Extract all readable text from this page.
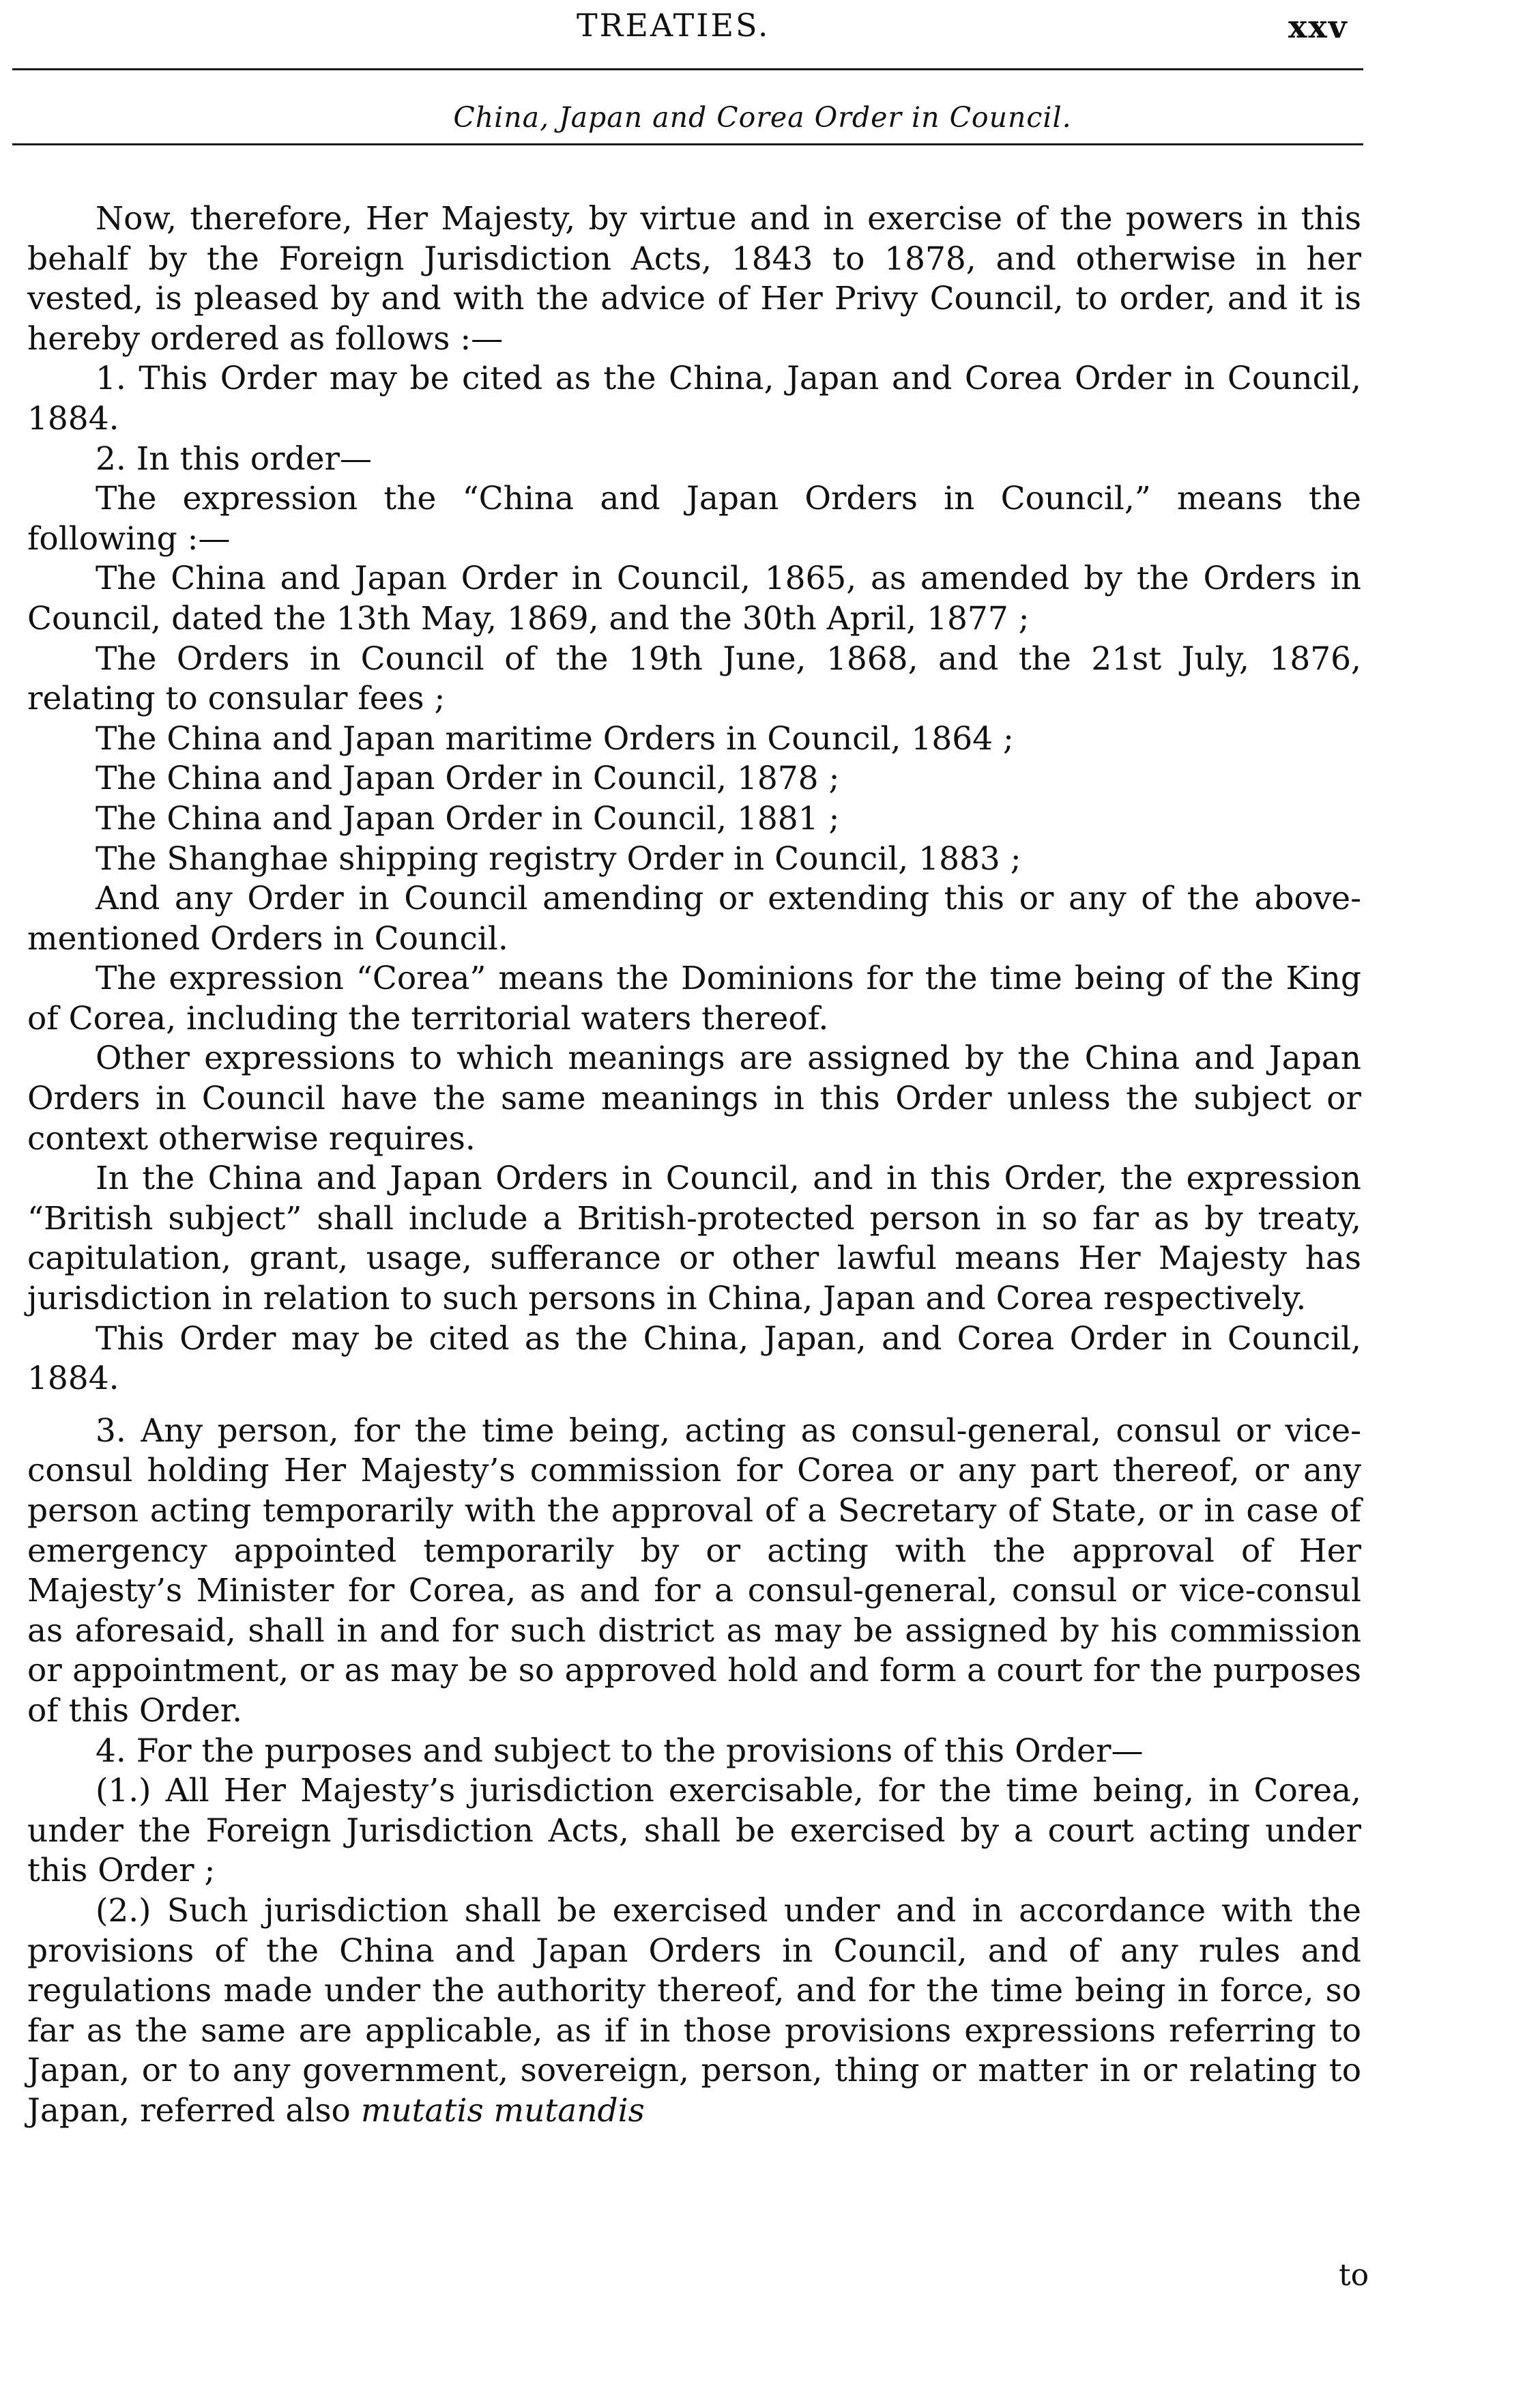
TREATIES.	xxv
China, Japan and Corea Order in Council.

Now, therefore, Her Majesty, by virtue and in exercise of the powers in this behalf by the Foreign Jurisdiction Acts, 1843 to 1878, and otherwise in her vested, is pleased by and with the advice of Her Privy Council, to order, and it is hereby ordered as follows :—

1. This Order may be cited as the China, Japan and Corea Order in Council, 1884.

2. In this order—

The expression the “China and Japan Orders in Council,” means the following :—

The China and Japan Order in Council, 1865, as amended by the Orders in Council, dated the 13th May, 1869, and the 30th April, 1877 ;

The Orders in Council of the 19th June, 1868, and the 21st July, 1876, relating to consular fees ;

The China and Japan maritime Orders in Council, 1864 ;

The China and Japan Order in Council, 1878 ;

The China and Japan Order in Council, 1881 ;

The Shanghae shipping registry Order in Council, 1883 ;

And any Order in Council amending or extending this or any of the above-mentioned Orders in Council.

The expression “Corea” means the Dominions for the time being of the King of Corea, including the territorial waters thereof.

Other expressions to which meanings are assigned by the China and Japan Orders in Council have the same meanings in this Order unless the subject or context otherwise requires.

In the China and Japan Orders in Council, and in this Order, the expression “British subject” shall include a British-protected person in so far as by treaty, capitulation, grant, usage, sufferance or other lawful means Her Majesty has jurisdiction in relation to such persons in China, Japan and Corea respectively.

This Order may be cited as the China, Japan, and Corea Order in Council, 1884.

3. Any person, for the time being, acting as consul-general, consul or vice-consul holding Her Majesty’s commission for Corea or any part thereof, or any person acting temporarily with the approval of a Secretary of State, or in case of emergency appointed temporarily by or acting with the approval of Her Majesty’s Minister for Corea, as and for a consul-general, consul or vice-consul as aforesaid, shall in and for such district as may be assigned by his commission or appointment, or as may be so approved hold and form a court for the purposes of this Order.

4. For the purposes and subject to the provisions of this Order—

(1.) All Her Majesty’s jurisdiction exercisable, for the time being, in Corea, under the Foreign Jurisdiction Acts, shall be exercised by a court acting under this Order ;

(2.) Such jurisdiction shall be exercised under and in accordance with the provisions of the China and Japan Orders in Council, and of any rules and regulations made under the authority thereof, and for the time being in force, so far as the same are applicable, as if in those provisions expressions referring to Japan, or to any government, sovereign, person, thing or matter in or relating to Japan, referred also mutatis mutandis

to
